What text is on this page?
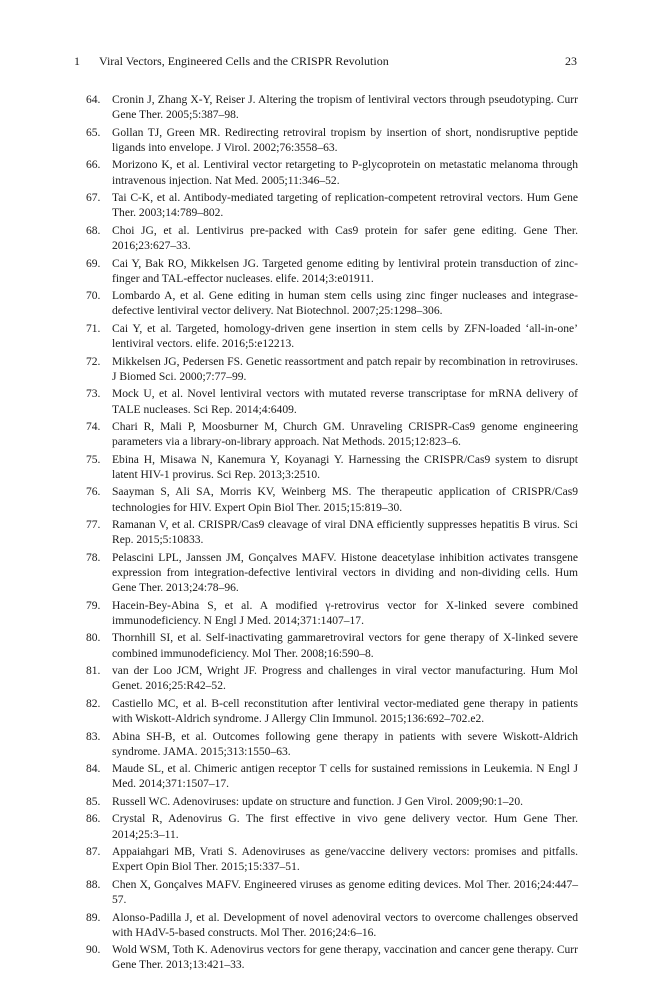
1 Viral Vectors, Engineered Cells and the CRISPR Revolution	23
64. Cronin J, Zhang X-Y, Reiser J. Altering the tropism of lentiviral vectors through pseudotyping. Curr Gene Ther. 2005;5:387–98.
65. Gollan TJ, Green MR. Redirecting retroviral tropism by insertion of short, nondisruptive peptide ligands into envelope. J Virol. 2002;76:3558–63.
66. Morizono K, et al. Lentiviral vector retargeting to P-glycoprotein on metastatic melanoma through intravenous injection. Nat Med. 2005;11:346–52.
67. Tai C-K, et al. Antibody-mediated targeting of replication-competent retroviral vectors. Hum Gene Ther. 2003;14:789–802.
68. Choi JG, et al. Lentivirus pre-packed with Cas9 protein for safer gene editing. Gene Ther. 2016;23:627–33.
69. Cai Y, Bak RO, Mikkelsen JG. Targeted genome editing by lentiviral protein transduction of zinc-finger and TAL-effector nucleases. elife. 2014;3:e01911.
70. Lombardo A, et al. Gene editing in human stem cells using zinc finger nucleases and integrase-defective lentiviral vector delivery. Nat Biotechnol. 2007;25:1298–306.
71. Cai Y, et al. Targeted, homology-driven gene insertion in stem cells by ZFN-loaded ‘all-in-one’ lentiviral vectors. elife. 2016;5:e12213.
72. Mikkelsen JG, Pedersen FS. Genetic reassortment and patch repair by recombination in retroviruses. J Biomed Sci. 2000;7:77–99.
73. Mock U, et al. Novel lentiviral vectors with mutated reverse transcriptase for mRNA delivery of TALE nucleases. Sci Rep. 2014;4:6409.
74. Chari R, Mali P, Moosburner M, Church GM. Unraveling CRISPR-Cas9 genome engineering parameters via a library-on-library approach. Nat Methods. 2015;12:823–6.
75. Ebina H, Misawa N, Kanemura Y, Koyanagi Y. Harnessing the CRISPR/Cas9 system to disrupt latent HIV-1 provirus. Sci Rep. 2013;3:2510.
76. Saayman S, Ali SA, Morris KV, Weinberg MS. The therapeutic application of CRISPR/Cas9 technologies for HIV. Expert Opin Biol Ther. 2015;15:819–30.
77. Ramanan V, et al. CRISPR/Cas9 cleavage of viral DNA efficiently suppresses hepatitis B virus. Sci Rep. 2015;5:10833.
78. Pelascini LPL, Janssen JM, Gonçalves MAFV. Histone deacetylase inhibition activates transgene expression from integration-defective lentiviral vectors in dividing and non-dividing cells. Hum Gene Ther. 2013;24:78–96.
79. Hacein-Bey-Abina S, et al. A modified γ-retrovirus vector for X-linked severe combined immunodeficiency. N Engl J Med. 2014;371:1407–17.
80. Thornhill SI, et al. Self-inactivating gammaretroviral vectors for gene therapy of X-linked severe combined immunodeficiency. Mol Ther. 2008;16:590–8.
81. van der Loo JCM, Wright JF. Progress and challenges in viral vector manufacturing. Hum Mol Genet. 2016;25:R42–52.
82. Castiello MC, et al. B-cell reconstitution after lentiviral vector-mediated gene therapy in patients with Wiskott-Aldrich syndrome. J Allergy Clin Immunol. 2015;136:692–702.e2.
83. Abina SH-B, et al. Outcomes following gene therapy in patients with severe Wiskott-Aldrich syndrome. JAMA. 2015;313:1550–63.
84. Maude SL, et al. Chimeric antigen receptor T cells for sustained remissions in Leukemia. N Engl J Med. 2014;371:1507–17.
85. Russell WC. Adenoviruses: update on structure and function. J Gen Virol. 2009;90:1–20.
86. Crystal R, Adenovirus G. The first effective in vivo gene delivery vector. Hum Gene Ther. 2014;25:3–11.
87. Appaiahgari MB, Vrati S. Adenoviruses as gene/vaccine delivery vectors: promises and pitfalls. Expert Opin Biol Ther. 2015;15:337–51.
88. Chen X, Gonçalves MAFV. Engineered viruses as genome editing devices. Mol Ther. 2016;24:447–57.
89. Alonso-Padilla J, et al. Development of novel adenoviral vectors to overcome challenges observed with HAdV-5-based constructs. Mol Ther. 2016;24:6–16.
90. Wold WSM, Toth K. Adenovirus vectors for gene therapy, vaccination and cancer gene therapy. Curr Gene Ther. 2013;13:421–33.
